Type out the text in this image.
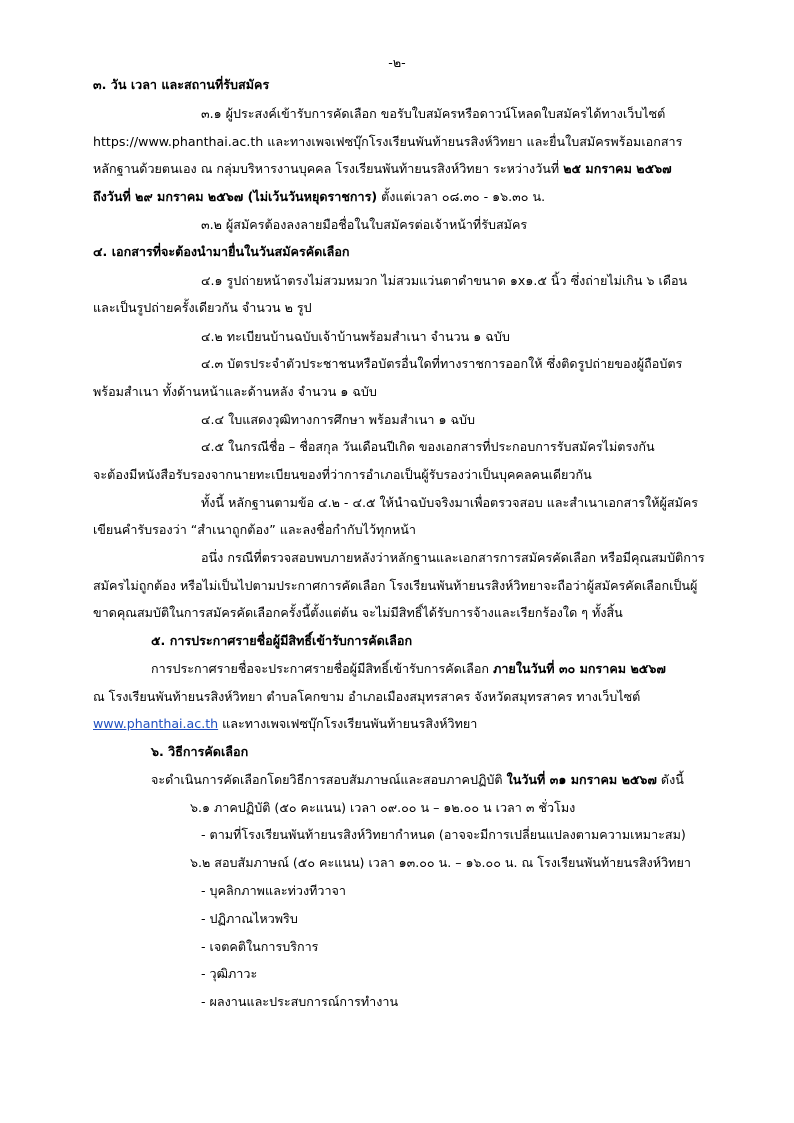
-๒-
๓. วัน เวลา และสถานที่รับสมัคร
๓.๑ ผู้ประสงค์เข้ารับการคัดเลือก ขอรับใบสมัครหรือดาวน์โหลดใบสมัครได้ทางเว็บไซต์
https://www.phanthai.ac.th และทางเพจเฟซบุ๊กโรงเรียนพันท้ายนรสิงห์วิทยา และยื่นใบสมัครพร้อมเอกสาร
หลักฐานด้วยตนเอง ณ กลุ่มบริหารงานบุคคล โรงเรียนพันท้ายนรสิงห์วิทยา ระหว่างวันที่ ๒๕ มกราคม ๒๕๖๗
ถึงวันที่ ๒๙ มกราคม ๒๕๖๗ (ไม่เว้นวันหยุดราชการ) ตั้งแต่เวลา ๐๘.๓๐ - ๑๖.๓๐ น.
๓.๒ ผู้สมัครต้องลงลายมือชื่อในใบสมัครต่อเจ้าหน้าที่รับสมัคร
๔. เอกสารที่จะต้องนำมายื่นในวันสมัครคัดเลือก
๔.๑ รูปถ่ายหน้าตรงไม่สวมหมวก ไม่สวมแว่นตาดำขนาด ๑x๑.๕ นิ้ว ซึ่งถ่ายไม่เกิน ๖ เดือน
และเป็นรูปถ่ายครั้งเดียวกัน จำนวน ๒ รูป
๔.๒ ทะเบียนบ้านฉบับเจ้าบ้านพร้อมสำเนา จำนวน ๑ ฉบับ
๔.๓ บัตรประจำตัวประชาชนหรือบัตรอื่นใดที่ทางราชการออกให้ ซึ่งติดรูปถ่ายของผู้ถือบัตร
พร้อมสำเนา ทั้งด้านหน้าและด้านหลัง จำนวน ๑ ฉบับ
๔.๔ ใบแสดงวุฒิทางการศึกษา พร้อมสำเนา ๑ ฉบับ
๔.๕ ในกรณีชื่อ – ชื่อสกุล วันเดือนปีเกิด ของเอกสารที่ประกอบการรับสมัครไม่ตรงกัน
จะต้องมีหนังสือรับรองจากนายทะเบียนของที่ว่าการอำเภอเป็นผู้รับรองว่าเป็นบุคคลคนเดียวกัน
ทั้งนี้ หลักฐานตามข้อ ๔.๒ - ๔.๕ ให้นำฉบับจริงมาเพื่อตรวจสอบ และสำเนาเอกสารให้ผู้สมัคร
เขียนคำรับรองว่า “สำเนาถูกต้อง” และลงชื่อกำกับไว้ทุกหน้า
อนึ่ง กรณีที่ตรวจสอบพบภายหลังว่าหลักฐานและเอกสารการสมัครคัดเลือก หรือมีคุณสมบัติการ
สมัครไม่ถูกต้อง หรือไม่เป็นไปตามประกาศการคัดเลือก โรงเรียนพันท้ายนรสิงห์วิทยาจะถือว่าผู้สมัครคัดเลือกเป็นผู้
ขาดคุณสมบัติในการสมัครคัดเลือกครั้งนี้ตั้งแต่ต้น จะไม่มีสิทธิ์ได้รับการจ้างและเรียกร้องใด ๆ ทั้งสิ้น
๕. การประกาศรายชื่อผู้มีสิทธิ์เข้ารับการคัดเลือก
การประกาศรายชื่อจะประกาศรายชื่อผู้มีสิทธิ์เข้ารับการคัดเลือก ภายในวันที่ ๓๐ มกราคม ๒๕๖๗
ณ โรงเรียนพันท้ายนรสิงห์วิทยา ตำบลโคกขาม อำเภอเมืองสมุทรสาคร จังหวัดสมุทรสาคร ทางเว็บไซต์
www.phanthai.ac.th และทางเพจเฟซบุ๊กโรงเรียนพันท้ายนรสิงห์วิทยา
๖. วิธีการคัดเลือก
จะดำเนินการคัดเลือกโดยวิธีการสอบสัมภาษณ์และสอบภาคปฏิบัติ ในวันที่ ๓๑ มกราคม ๒๕๖๗ ดังนี้
๖.๑ ภาคปฏิบัติ (๕๐ คะแนน) เวลา ๐๙.๐๐ น – ๑๒.๐๐ น เวลา ๓ ชั่วโมง
- ตามที่โรงเรียนพันท้ายนรสิงห์วิทยากำหนด (อาจจะมีการเปลี่ยนแปลงตามความเหมาะสม)
๖.๒ สอบสัมภาษณ์ (๕๐ คะแนน) เวลา ๑๓.๐๐ น. – ๑๖.๐๐ น. ณ โรงเรียนพันท้ายนรสิงห์วิทยา
- บุคลิกภาพและท่วงทีวาจา
- ปฏิภาณไหวพริบ
- เจตคติในการบริการ
- วุฒิภาวะ
- ผลงานและประสบการณ์การทำงาน
